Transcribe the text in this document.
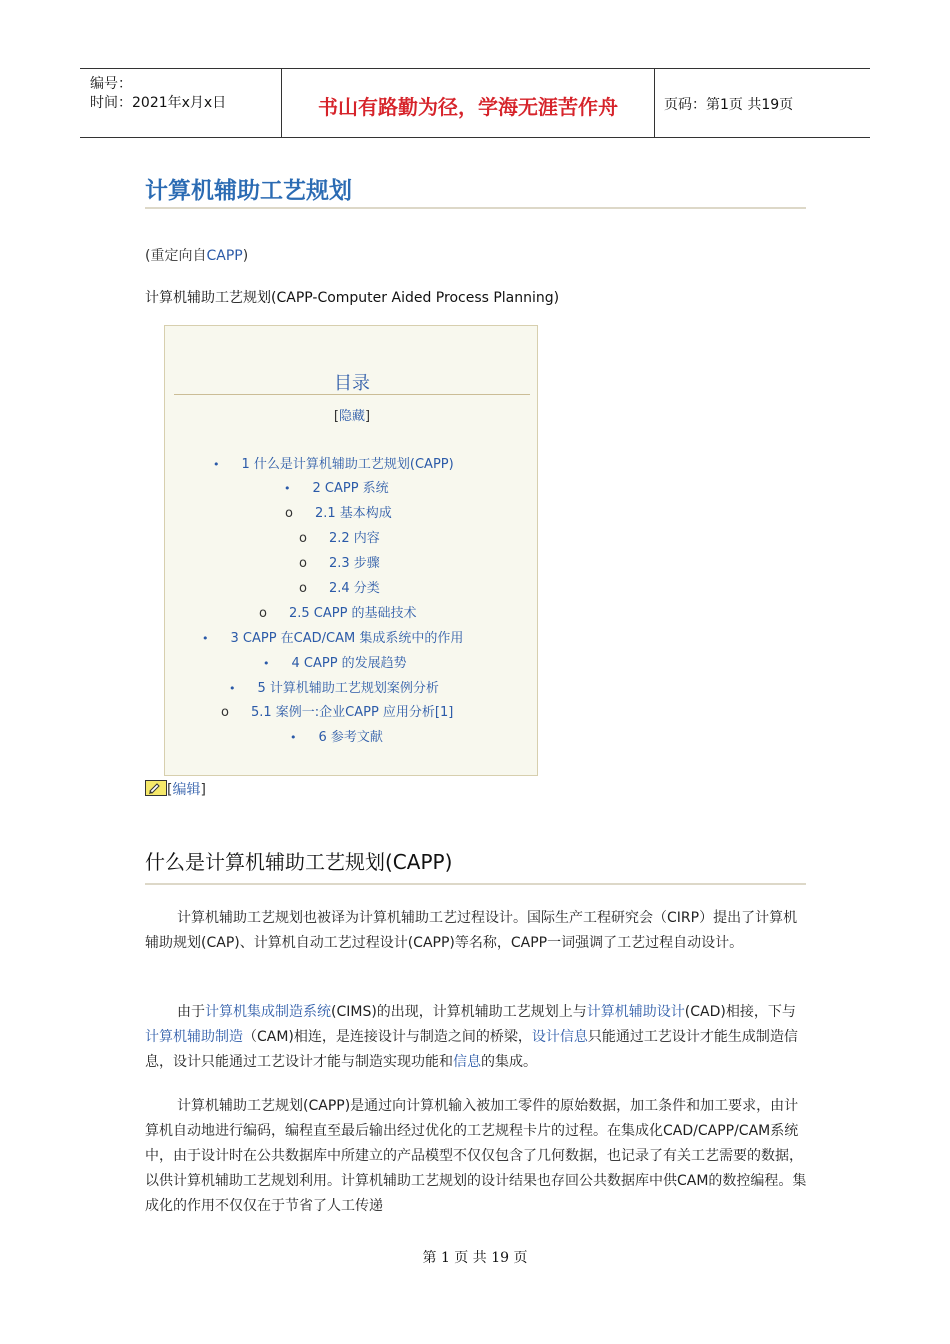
编号：
时间：2021年x月x日	书山有路勤为径，学海无涯苦作舟	页码：第1页 共19页
计算机辅助工艺规划
(重定向自CAPP)
计算机辅助工艺规划(CAPP-Computer Aided Process Planning)
目录
[隐藏]
• 1 什么是计算机辅助工艺规划(CAPP)
• 2 CAPP 系统
o 2.1 基本构成
o 2.2 内容
o 2.3 步骤
o 2.4 分类
o 2.5 CAPP 的基础技术
• 3 CAPP 在CAD/CAM 集成系统中的作用
• 4 CAPP 的发展趋势
• 5 计算机辅助工艺规划案例分析
o 5.1 案例一:企业CAPP 应用分析[1]
• 6 参考文献
[编辑]
什么是计算机辅助工艺规划(CAPP)
计算机辅助工艺规划也被译为计算机辅助工艺过程设计。国际生产工程研究会（CIRP）提出了计算机辅助规划(CAP)、计算机自动工艺过程设计(CAPP)等名称，CAPP一词强调了工艺过程自动设计。
由于计算机集成制造系统(CIMS)的出现，计算机辅助工艺规划上与计算机辅助设计(CAD)相接，下与计算机辅助制造（CAM)相连，是连接设计与制造之间的桥梁，设计信息只能通过工艺设计才能生成制造信息，设计只能通过工艺设计才能与制造实现功能和信息的集成。
计算机辅助工艺规划(CAPP)是通过向计算机输入被加工零件的原始数据，加工条件和加工要求，由计算机自动地进行编码，编程直至最后输出经过优化的工艺规程卡片的过程。在集成化CAD/CAPP/CAM系统中，由于设计时在公共数据库中所建立的产品模型不仅仅包含了几何数据，也记录了有关工艺需要的数据，以供计算机辅助工艺规划利用。计算机辅助工艺规划的设计结果也存回公共数据库中供CAM的数控编程。集成化的作用不仅仅在于节省了人工传递
第 1 页 共 19 页
